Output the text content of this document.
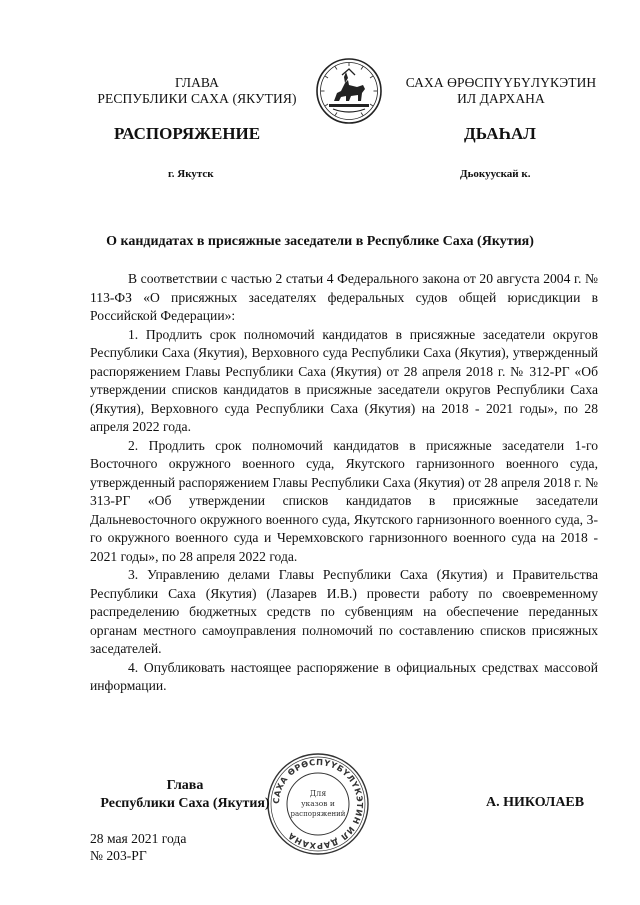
ГЛАВА
РЕСПУБЛИКИ САХА (ЯКУТИЯ)
САХА ӨРӨСПҮҮБҮЛҮКЭТИН
ИЛ ДАРХАНА
РАСПОРЯЖЕНИЕ	ДЬАҺАЛ
г. Якутск	Дьокуускай к.
О кандидатах в присяжные заседатели в Республике Саха (Якутия)

В соответствии с частью 2 статьи 4 Федерального закона от 20 августа 2004 г. № 113-ФЗ «О присяжных заседателях федеральных судов общей юрисдикции в Российской Федерации»:

1. Продлить срок полномочий кандидатов в присяжные заседатели округов Республики Саха (Якутия), Верховного суда Республики Саха (Якутия), утвержденный распоряжением Главы Республики Саха (Якутия) от 28 апреля 2018 г. № 312-РГ «Об утверждении списков кандидатов в присяжные заседатели округов Республики Саха (Якутия), Верховного суда Республики Саха (Якутия) на 2018 - 2021 годы», по 28 апреля 2022 года.

2. Продлить срок полномочий кандидатов в присяжные заседатели 1-го Восточного окружного военного суда, Якутского гарнизонного военного суда, утвержденный распоряжением Главы Республики Саха (Якутия) от 28 апреля 2018 г. № 313-РГ «Об утверждении списков кандидатов в присяжные заседатели Дальневосточного окружного военного суда, Якутского гарнизонного военного суда, 3-го окружного военного суда и Черемховского гарнизонного военного суда на 2018 - 2021 годы», по 28 апреля 2022 года.

3. Управлению делами Главы Республики Саха (Якутия) и Правительства Республики Саха (Якутия) (Лазарев И.В.) провести работу по своевременному распределению бюджетных средств по субвенциям на обеспечение переданных органам местного самоуправления полномочий по составлению списков присяжных заседателей.

4. Опубликовать настоящее распоряжение в официальных средствах массовой информации.

САХА ӨРӨСПҮҮБҮЛҮКЭТИН ИЛ ДАРХАНА
Для
указов и
распоряжений
Глава
Республики Саха (Якутия)	А. НИКОЛАЕВ
28 мая 2021 года
№ 203-РГ
